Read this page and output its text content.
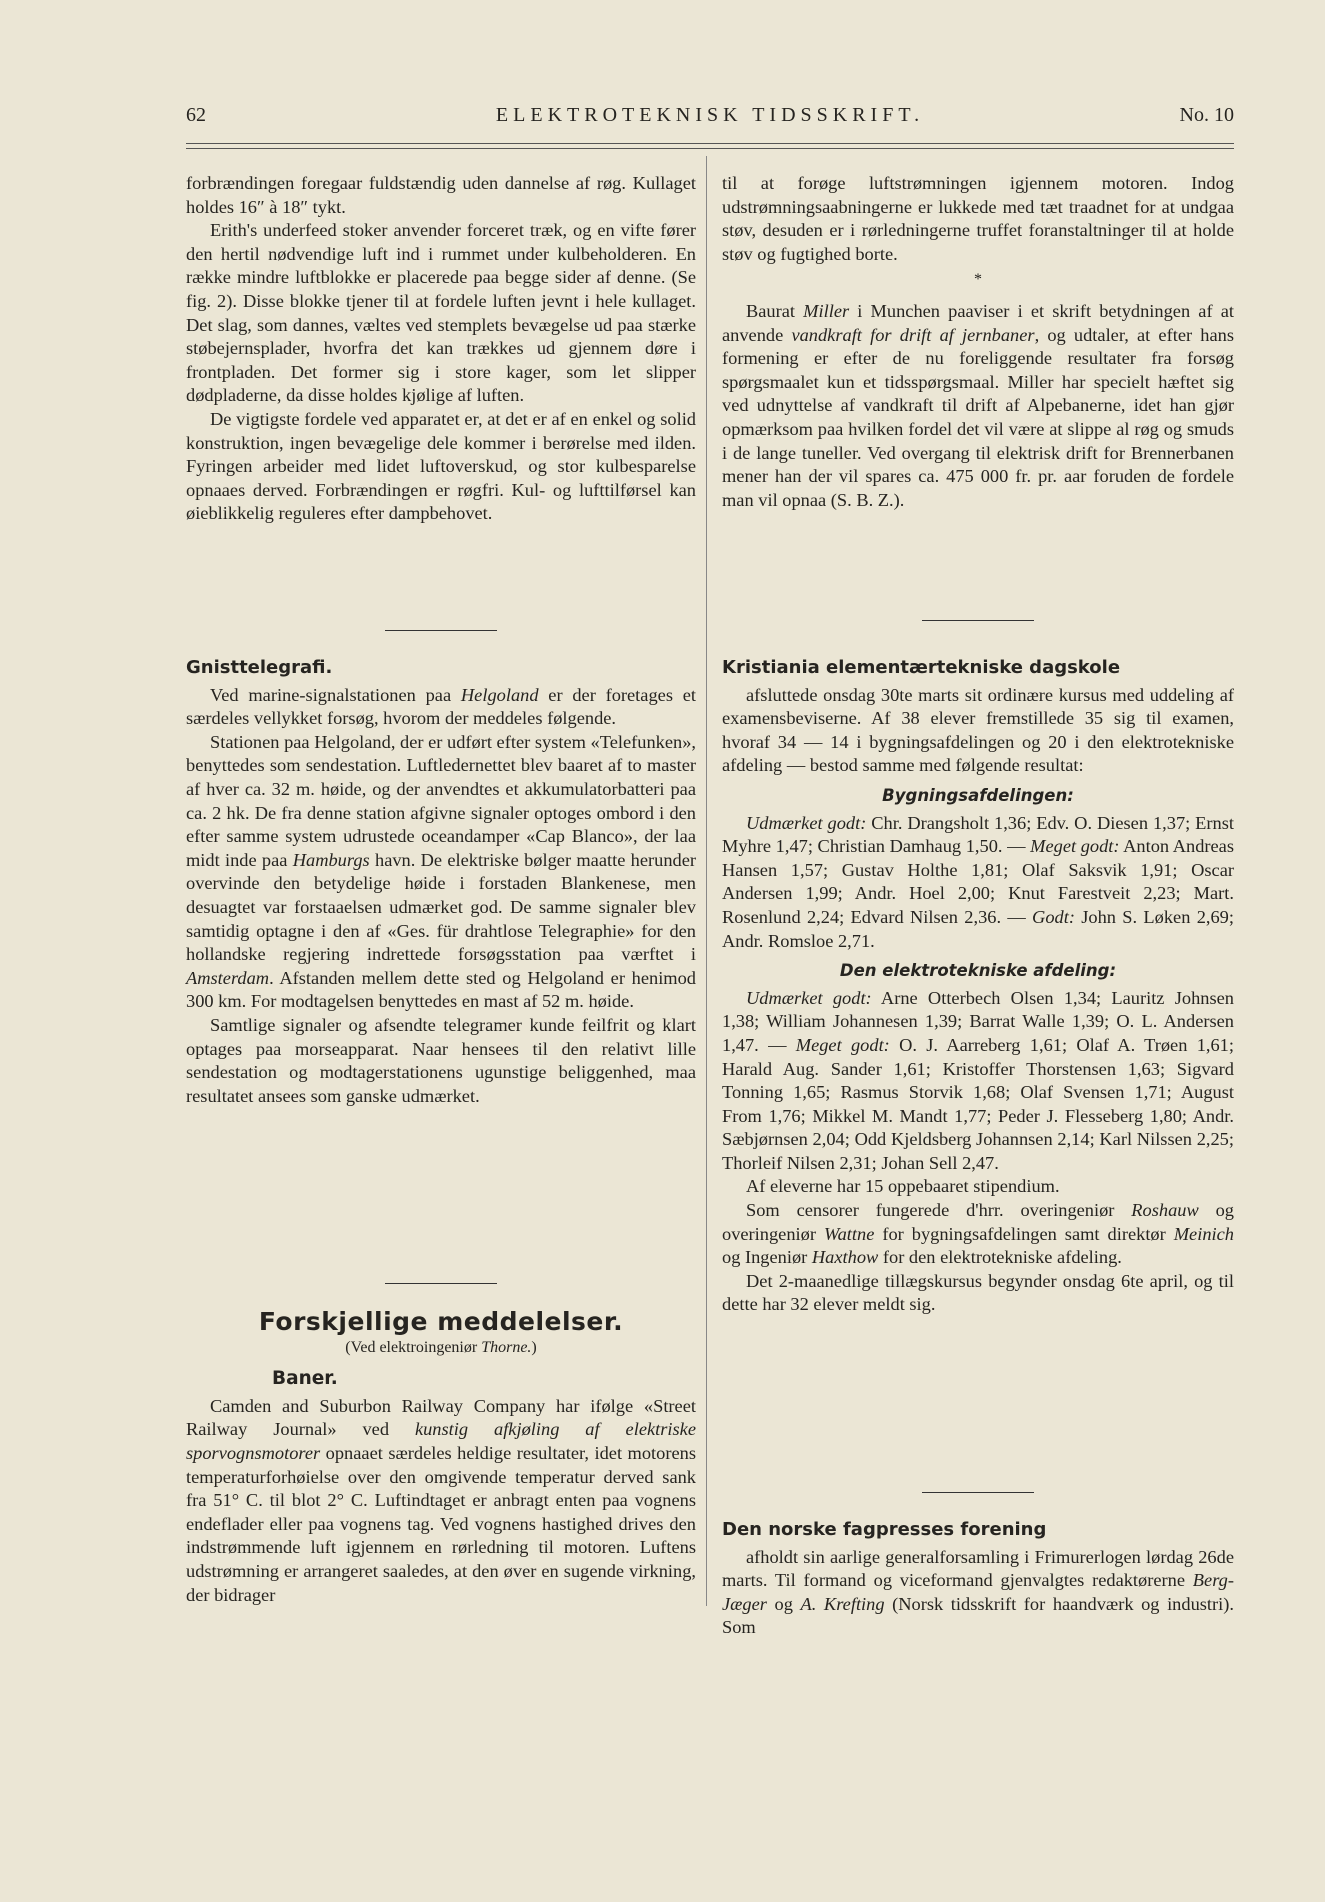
62	ELEKTROTEKNISK TIDSSKRIFT.	No. 10

forbrændingen foregaar fuldstændig uden dannelse af røg. Kullaget holdes 16″ à 18″ tykt.

Erith's underfeed stoker anvender forceret træk, og en vifte fører den hertil nødvendige luft ind i rummet under kulbeholderen. En række mindre luftblokke er placerede paa begge sider af denne. (Se fig. 2). Disse blokke tjener til at fordele luften jevnt i hele kullaget. Det slag, som dannes, væltes ved stemplets bevægelse ud paa stærke støbejernsplader, hvorfra det kan trækkes ud gjennem døre i frontpladen. Det former sig i store kager, som let slipper dødpladerne, da disse holdes kjølige af luften.

De vigtigste fordele ved apparatet er, at det er af en enkel og solid konstruktion, ingen bevægelige dele kommer i berørelse med ilden. Fyringen arbeider med lidet luftoverskud, og stor kulbesparelse opnaaes derved. Forbrændingen er røgfri. Kul- og lufttilførsel kan øieblikkelig reguleres efter dampbehovet.

Gnisttelegrafi.

Ved marine-signalstationen paa Helgoland er der foretages et særdeles vellykket forsøg, hvorom der meddeles følgende.

Stationen paa Helgoland, der er udført efter system «Telefunken», benyttedes som sendestation. Luftledernettet blev baaret af to master af hver ca. 32 m. høide, og der anvendtes et akkumulatorbatteri paa ca. 2 hk. De fra denne station afgivne signaler optoges ombord i den efter samme system udrustede oceandamper «Cap Blanco», der laa midt inde paa Hamburgs havn. De elektriske bølger maatte herunder overvinde den betydelige høide i forstaden Blankenese, men desuagtet var forstaaelsen udmærket god. De samme signaler blev samtidig optagne i den af «Ges. für drahtlose Telegraphie» for den hollandske regjering indrettede forsøgsstation paa værftet i Amsterdam. Afstanden mellem dette sted og Helgoland er henimod 300 km. For modtagelsen benyttedes en mast af 52 m. høide.

Samtlige signaler og afsendte telegramer kunde feilfrit og klart optages paa morseapparat. Naar hensees til den relativt lille sendestation og modtagerstationens ugunstige beliggenhed, maa resultatet ansees som ganske udmærket.

Forskjellige meddelelser.
(Ved elektroingeniør Thorne.)
Baner.

Camden and Suburbon Railway Company har ifølge «Street Railway Journal» ved kunstig afkjøling af elektriske sporvognsmotorer opnaaet særdeles heldige resultater, idet motorens temperaturforhøielse over den omgivende temperatur derved sank fra 51° C. til blot 2° C. Luftindtaget er anbragt enten paa vognens endeflader eller paa vognens tag. Ved vognens hastighed drives den indstrømmende luft igjennem en rørledning til motoren. Luftens udstrømning er arrangeret saaledes, at den øver en sugende virkning, der bidrager

til at forøge luftstrømningen igjennem motoren. Indog udstrømningsaabningerne er lukkede med tæt traadnet for at undgaa støv, desuden er i rørledningerne truffet foranstaltninger til at holde støv og fugtighed borte.

*

Baurat Miller i Munchen paaviser i et skrift betydningen af at anvende vandkraft for drift af jernbaner, og udtaler, at efter hans formening er efter de nu foreliggende resultater fra forsøg spørgsmaalet kun et tidsspørgsmaal. Miller har specielt hæftet sig ved udnyttelse af vandkraft til drift af Alpebanerne, idet han gjør opmærksom paa hvilken fordel det vil være at slippe al røg og smuds i de lange tuneller. Ved overgang til elektrisk drift for Brennerbanen mener han der vil spares ca. 475 000 fr. pr. aar foruden de fordele man vil opnaa (S. B. Z.).

Kristiania elementærtekniske dagskole

afsluttede onsdag 30te marts sit ordinære kursus med uddeling af examensbeviserne. Af 38 elever fremstillede 35 sig til examen, hvoraf 34 — 14 i bygningsafdelingen og 20 i den elektrotekniske afdeling — bestod samme med følgende resultat:

Bygningsafdelingen:

Udmærket godt: Chr. Drangsholt 1,36; Edv. O. Diesen 1,37; Ernst Myhre 1,47; Christian Damhaug 1,50. — Meget godt: Anton Andreas Hansen 1,57; Gustav Holthe 1,81; Olaf Saksvik 1,91; Oscar Andersen 1,99; Andr. Hoel 2,00; Knut Farestveit 2,23; Mart. Rosenlund 2,24; Edvard Nilsen 2,36. — Godt: John S. Løken 2,69; Andr. Romsloe 2,71.

Den elektrotekniske afdeling:

Udmærket godt: Arne Otterbech Olsen 1,34; Lauritz Johnsen 1,38; William Johannesen 1,39; Barrat Walle 1,39; O. L. Andersen 1,47. — Meget godt: O. J. Aarreberg 1,61; Olaf A. Trøen 1,61; Harald Aug. Sander 1,61; Kristoffer Thorstensen 1,63; Sigvard Tonning 1,65; Rasmus Storvik 1,68; Olaf Svensen 1,71; August From 1,76; Mikkel M. Mandt 1,77; Peder J. Flesseberg 1,80; Andr. Sæbjørnsen 2,04; Odd Kjeldsberg Johannsen 2,14; Karl Nilssen 2,25; Thorleif Nilsen 2,31; Johan Sell 2,47.

Af eleverne har 15 oppebaaret stipendium.

Som censorer fungerede d'hrr. overingeniør Roshauw og overingeniør Wattne for bygningsafdelingen samt direktør Meinich og Ingeniør Haxthow for den elektrotekniske afdeling.

Det 2-maanedlige tillægskursus begynder onsdag 6te april, og til dette har 32 elever meldt sig.

Den norske fagpresses forening

afholdt sin aarlige generalforsamling i Frimurerlogen lørdag 26de marts. Til formand og viceformand gjenvalgtes redaktørerne Berg-Jæger og A. Krefting (Norsk tidsskrift for haandværk og industri). Som
